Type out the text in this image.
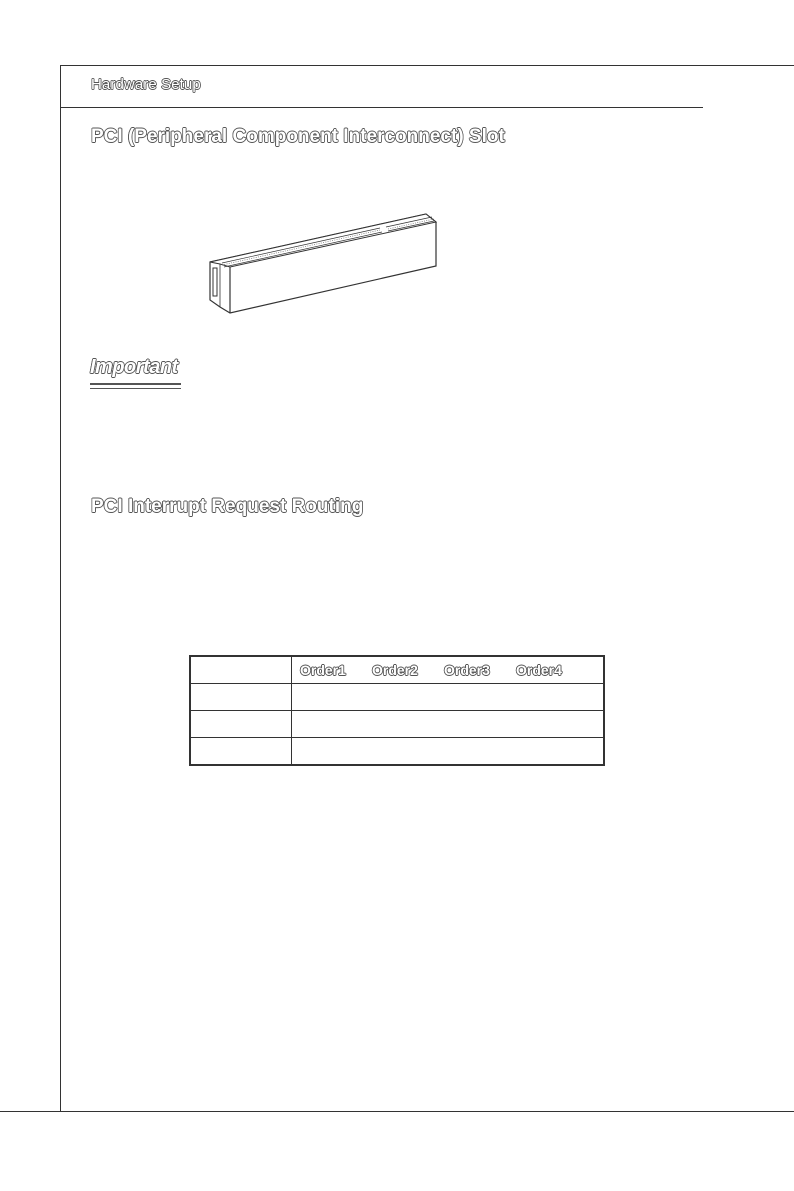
Hardware Setup
PCI (Peripheral Component Interconnect) Slot
Important
PCI Interrupt Request Routing
	Order1 Order2 Order3 Order4
